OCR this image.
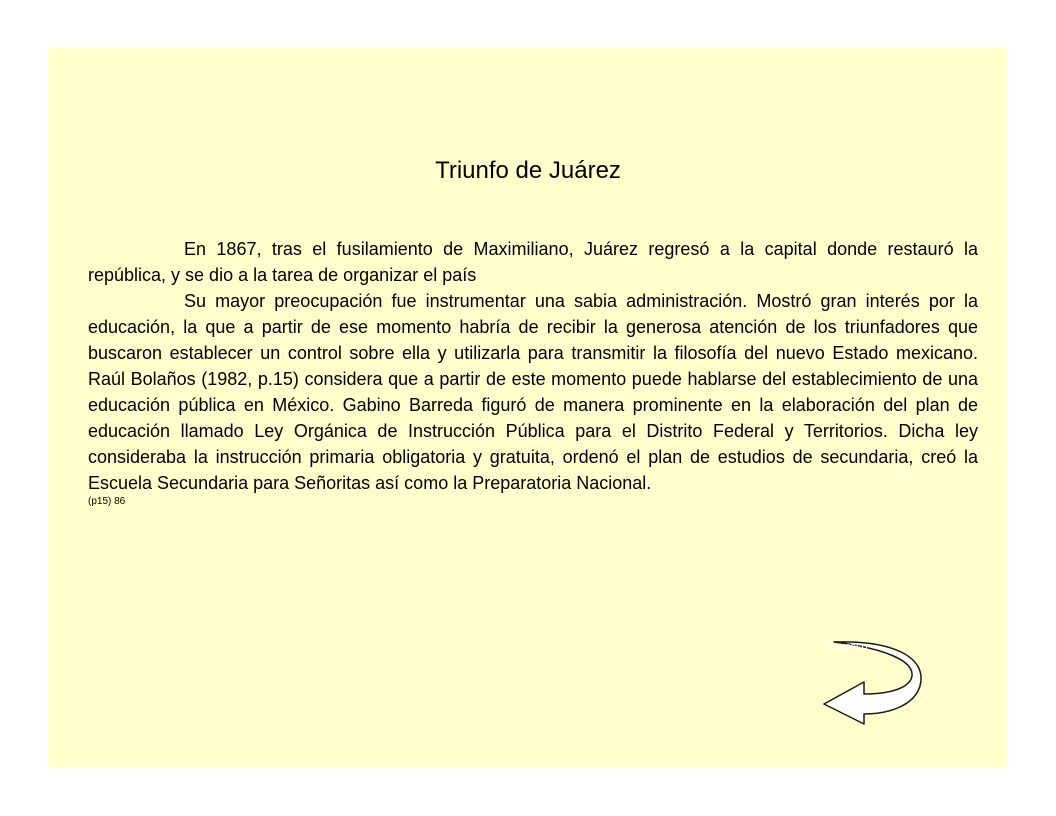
Triunfo de Juárez

En 1867, tras el fusilamiento de Maximiliano, Juárez regresó a la capital donde restauró la república, y se dio a la tarea de organizar el país

Su mayor preocupación fue instrumentar una sabia administración. Mostró gran interés por la educación, la que a partir de ese momento habría de recibir la generosa atención de los triunfadores que buscaron establecer un control sobre ella y utilizarla para transmitir la filosofía del nuevo Estado mexicano. Raúl Bolaños (1982, p.15) considera que a partir de este momento puede hablarse del establecimiento de una educación pública en México. Gabino Barreda figuró de manera prominente en la elaboración del plan de educación llamado Ley Orgánica de Instrucción Pública para el Distrito Federal y Territorios. Dicha ley consideraba la instrucción primaria obligatoria y gratuita, ordenó el plan de estudios de secundaria, creó la Escuela Secundaria para Señoritas así como la Preparatoria Nacional.

(p15) 86
Regreso
